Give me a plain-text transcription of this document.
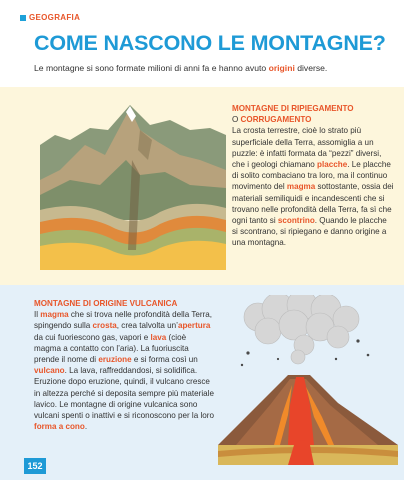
GEOGRAFIA
COME NASCONO LE MONTAGNE?
Le montagne si sono formate milioni di anni fa e hanno avuto origini diverse.
MONTAGNE DI RIPIEGAMENTO
O CORRUGAMENTO
La crosta terrestre, cioè lo strato più superficiale della Terra, assomiglia a un puzzle: è infatti formata da “pezzi” diversi, che i geologi chiamano placche. Le placche di solito combaciano tra loro, ma il continuo movimento del magma sottostante, ossia dei materiali semiliquidi e incandescenti che si trovano nelle profondità della Terra, fa sì che ogni tanto si scontrino. Quando le placche si scontrano, si ripiegano e danno origine a una montagna.
MONTAGNE DI ORIGINE VULCANICA
Il magma che si trova nelle profondità della Terra, spingendo sulla crosta, crea talvolta un’apertura da cui fuoriescono gas, vapori e lava (cioè magma a contatto con l’aria). La fuoriuscita prende il nome di eruzione e si forma così un vulcano. La lava, raffreddandosi, si solidifica. Eruzione dopo eruzione, quindi, il vulcano cresce in altezza perché si deposita sempre più materiale lavico. Le montagne di origine vulcanica sono vulcani spenti o inattivi e si riconoscono per la loro forma a cono.
152
